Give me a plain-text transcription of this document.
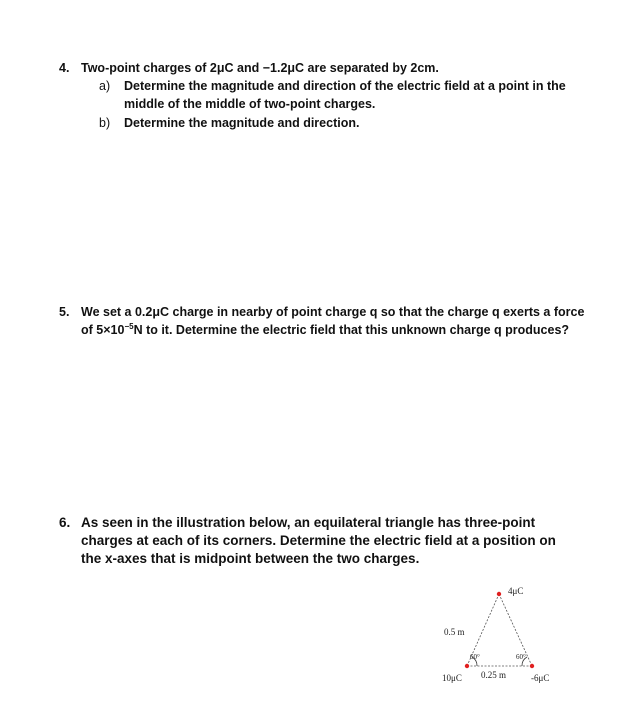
4. Two-point charges of 2μC and −1.2μC are separated by 2cm.
a) Determine the magnitude and direction of the electric field at a point in the
middle of the middle of two-point charges.
b) Determine the magnitude and direction.
5. We set a 0.2μC charge in nearby of point charge q so that the charge q exerts a force
of $5\times 10^{-5}N$ to it. Determine the electric field that this unknown charge q produces?
6. As seen in the illustration below, an equilateral triangle has three-point
charges at each of its corners. Determine the electric field at a position on
the x-axes that is midpoint between the two charges.
4μC
0.5 m
60°	60°
10μC 0.25 m	-6μC
